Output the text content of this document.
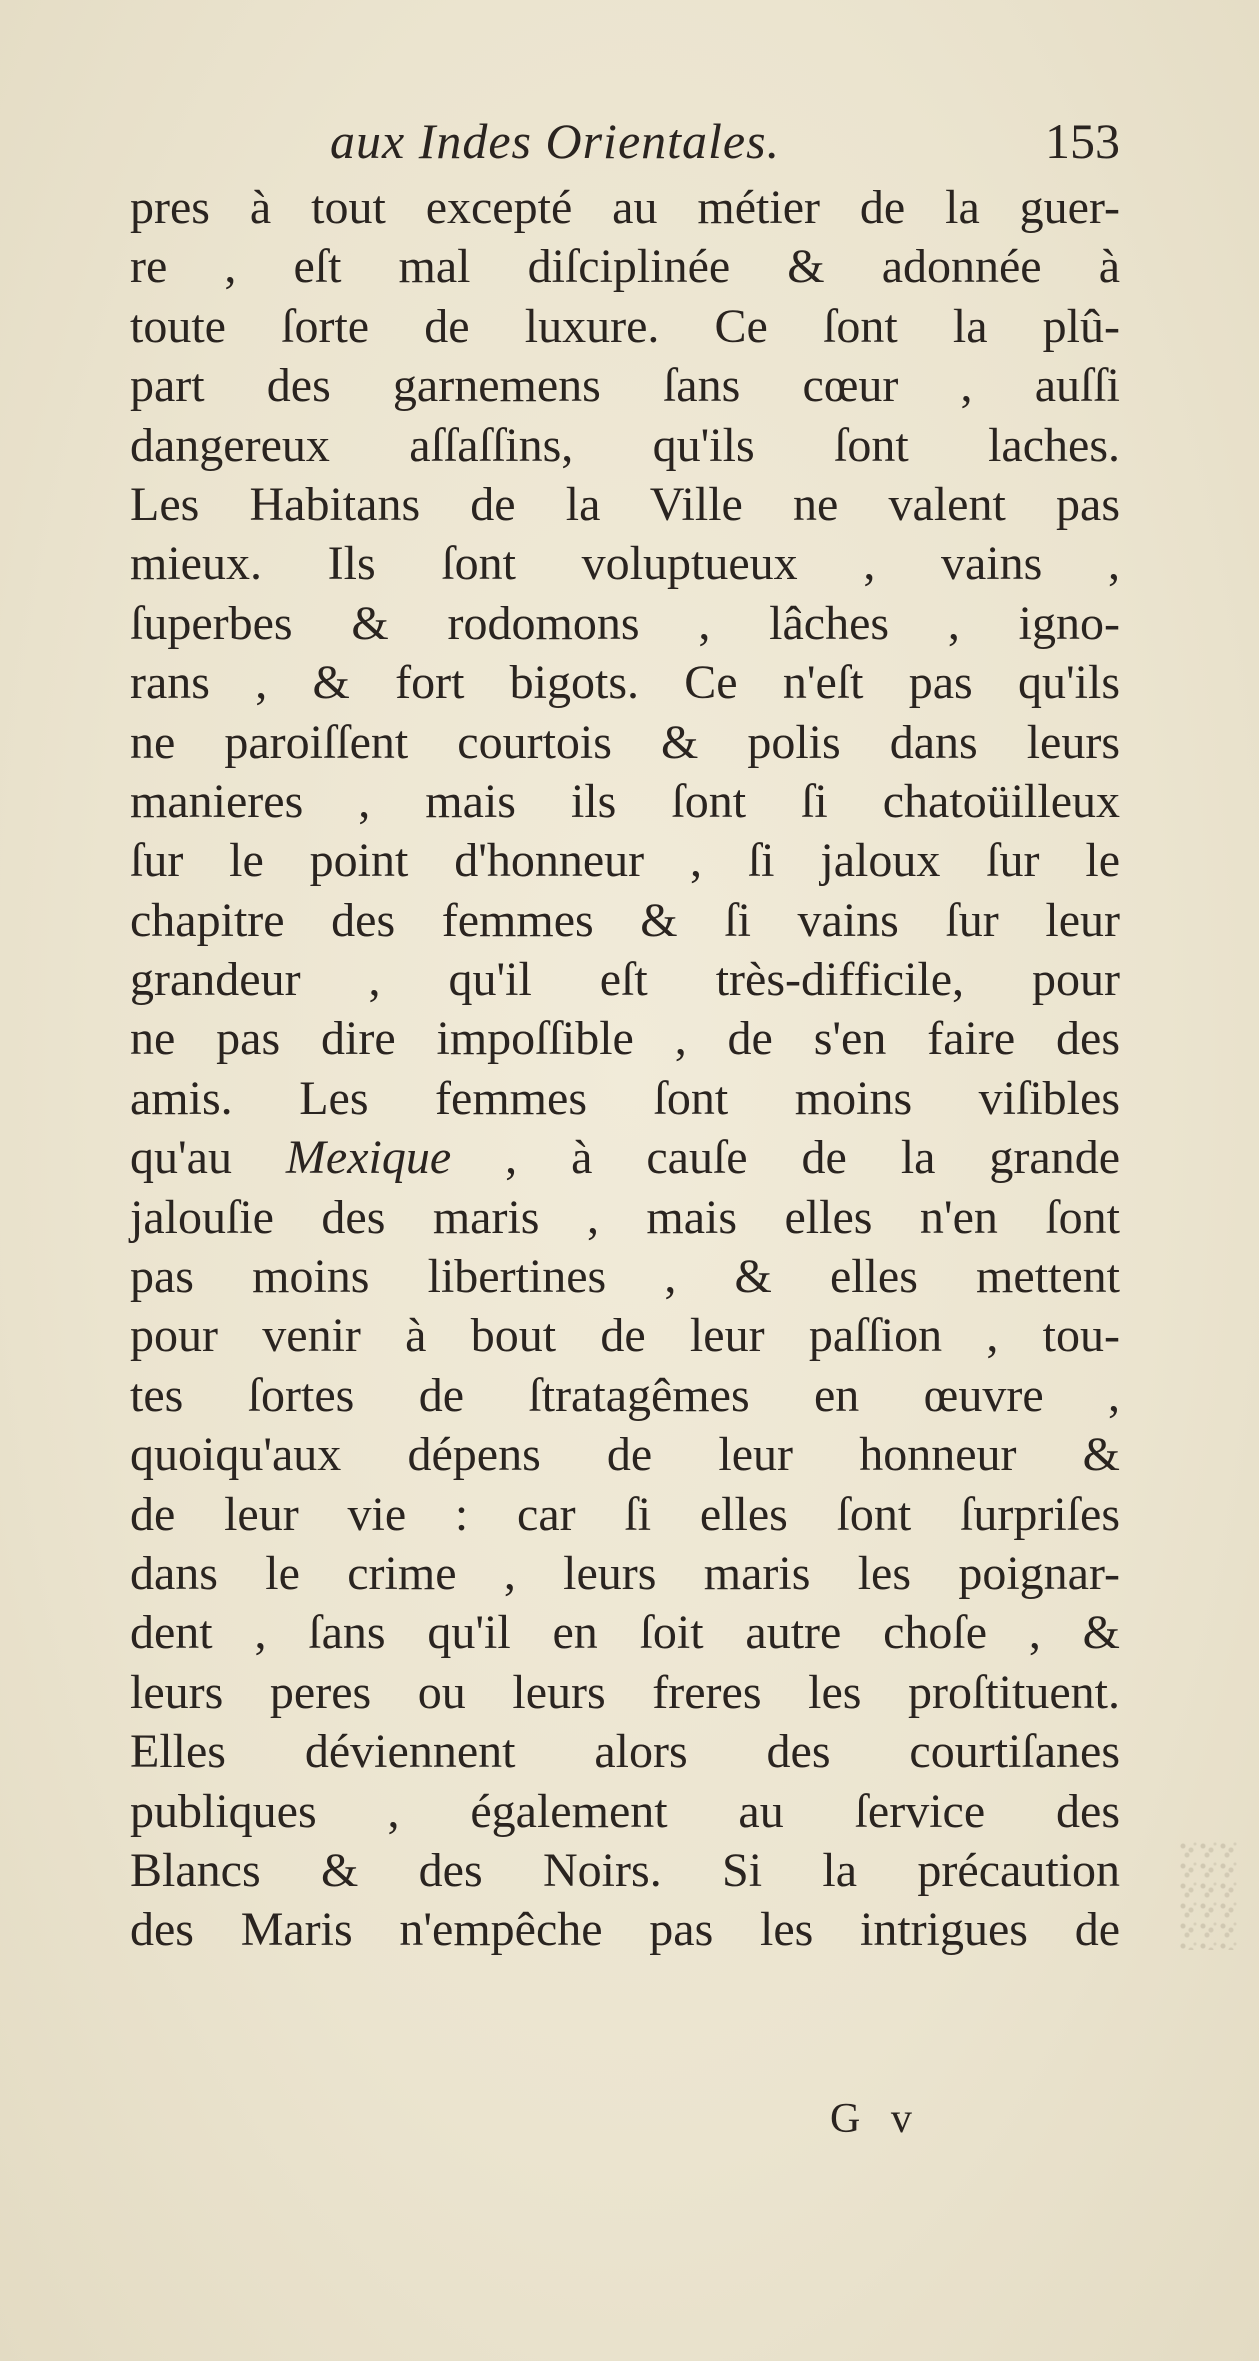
aux Indes Orientales.	153
pres à tout excepté au métier de la guer-
re , eſt mal diſciplinée & adonnée à
toute ſorte de luxure. Ce ſont la plû-
part des garnemens ſans cœur , auſſi
dangereux aſſaſſins, qu'ils ſont laches.
Les Habitans de la Ville ne valent pas
mieux. Ils ſont voluptueux , vains ,
ſuperbes & rodomons , lâches , igno-
rans , & fort bigots. Ce n'eſt pas qu'ils
ne paroiſſent courtois & polis dans leurs
manieres , mais ils ſont ſi chatoüilleux
ſur le point d'honneur , ſi jaloux ſur le
chapitre des femmes & ſi vains ſur leur
grandeur , qu'il eſt très-difficile, pour
ne pas dire impoſſible , de s'en faire des
amis. Les femmes ſont moins viſibles
qu'au Mexique , à cauſe de la grande
jalouſie des maris , mais elles n'en ſont
pas moins libertines , & elles mettent
pour venir à bout de leur paſſion , tou-
tes ſortes de ſtratagêmes en œuvre ,
quoiqu'aux dépens de leur honneur &
de leur vie : car ſi elles ſont ſurpriſes
dans le crime , leurs maris les poignar-
dent , ſans qu'il en ſoit autre choſe , &
leurs peres ou leurs freres les proſtituent.
Elles déviennent alors des courtiſanes
publiques , également au ſervice des
Blancs & des Noirs. Si la précaution
des Maris n'empêche pas les intrigues de
G v
